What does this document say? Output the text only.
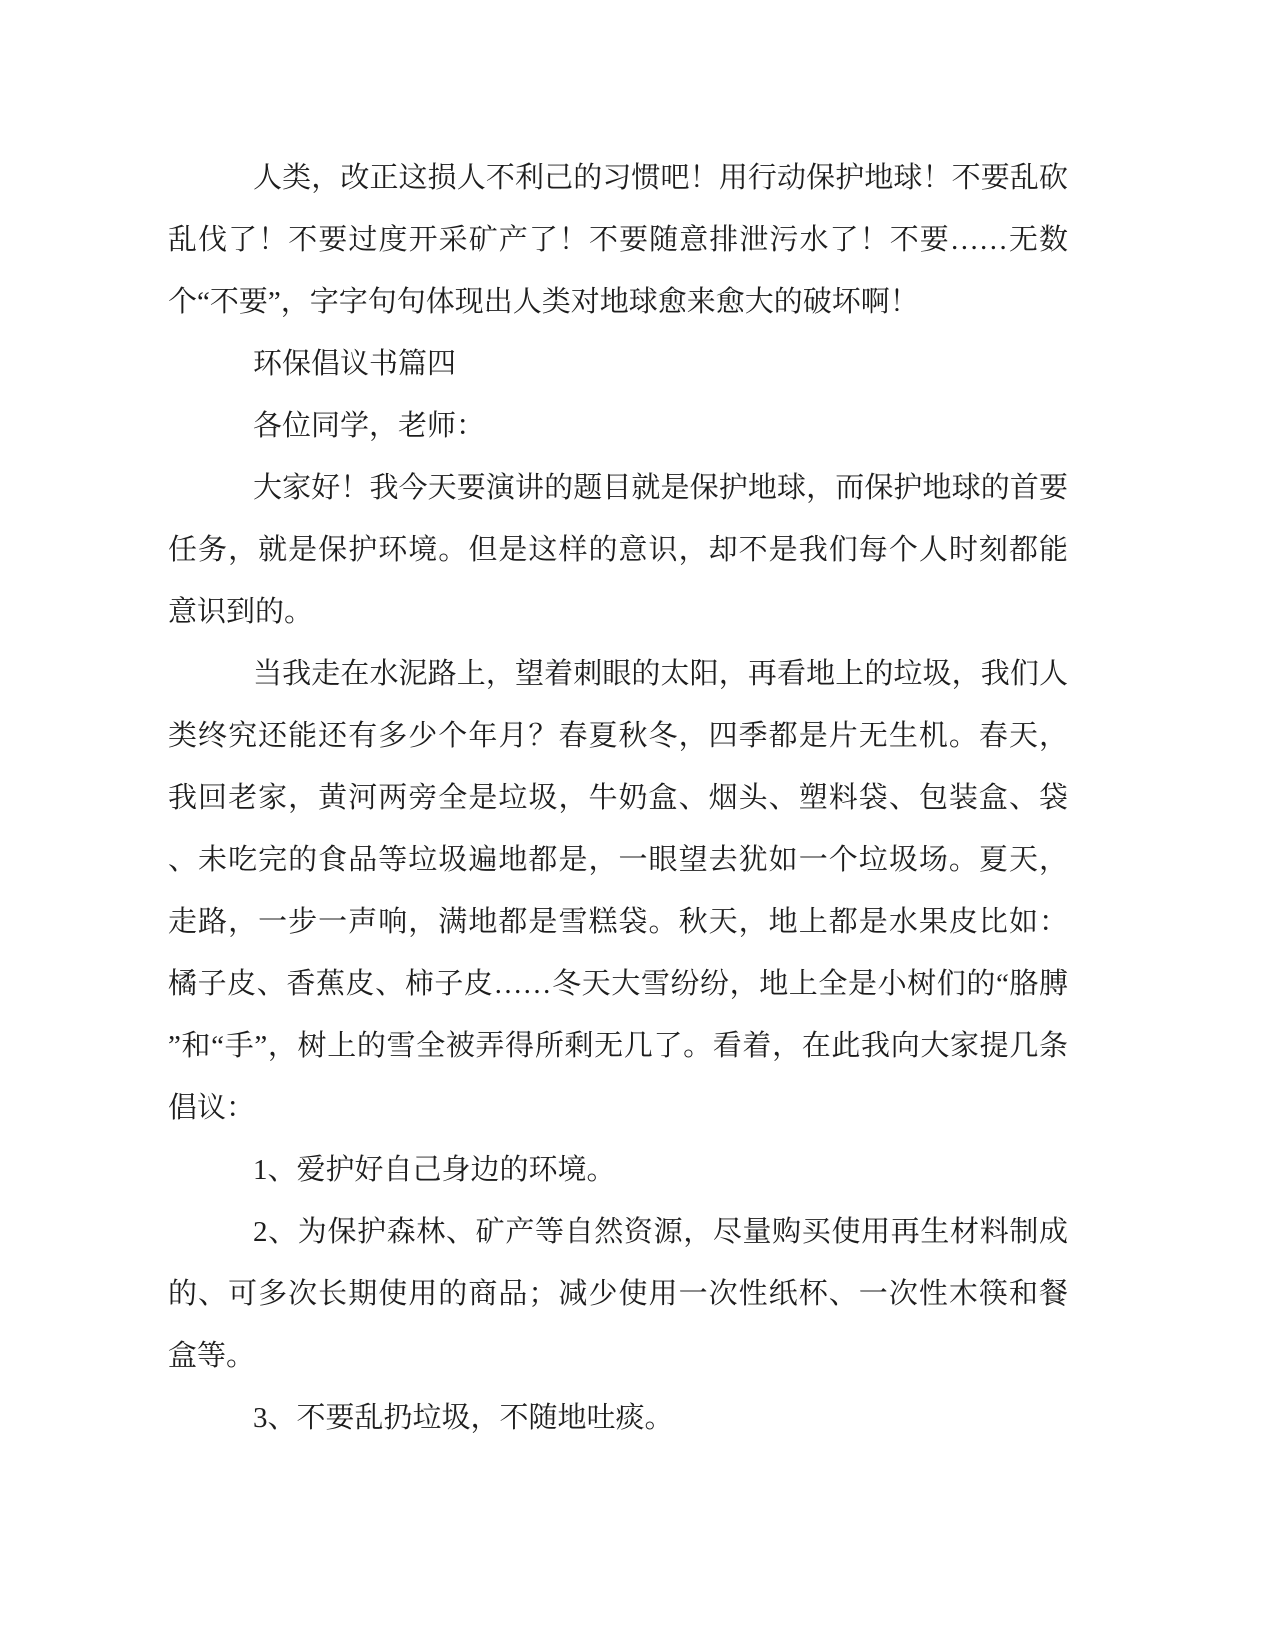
人类，改正这损人不利己的习惯吧！用行动保护地球！不要乱砍
乱伐了！不要过度开采矿产了！不要随意排泄污水了！不要……无数
个“不要”，字字句句体现出人类对地球愈来愈大的破坏啊！
环保倡议书篇四
各位同学，老师：
大家好！我今天要演讲的题目就是保护地球，而保护地球的首要
任务，就是保护环境。但是这样的意识，却不是我们每个人时刻都能
意识到的。
当我走在水泥路上，望着刺眼的太阳，再看地上的垃圾，我们人
类终究还能还有多少个年月？春夏秋冬，四季都是片无生机。春天，
我回老家，黄河两旁全是垃圾，牛奶盒、烟头、塑料袋、包装盒、袋
、未吃完的食品等垃圾遍地都是，一眼望去犹如一个垃圾场。夏天，
走路，一步一声响，满地都是雪糕袋。秋天，地上都是水果皮比如：
橘子皮、香蕉皮、柿子皮……冬天大雪纷纷，地上全是小树们的“胳膊
”和“手”，树上的雪全被弄得所剩无几了。看着，在此我向大家提几条
倡议：
1、爱护好自己身边的环境。
2、为保护森林、矿产等自然资源，尽量购买使用再生材料制成
的、可多次长期使用的商品；减少使用一次性纸杯、一次性木筷和餐
盒等。
3、不要乱扔垃圾，不随地吐痰。
